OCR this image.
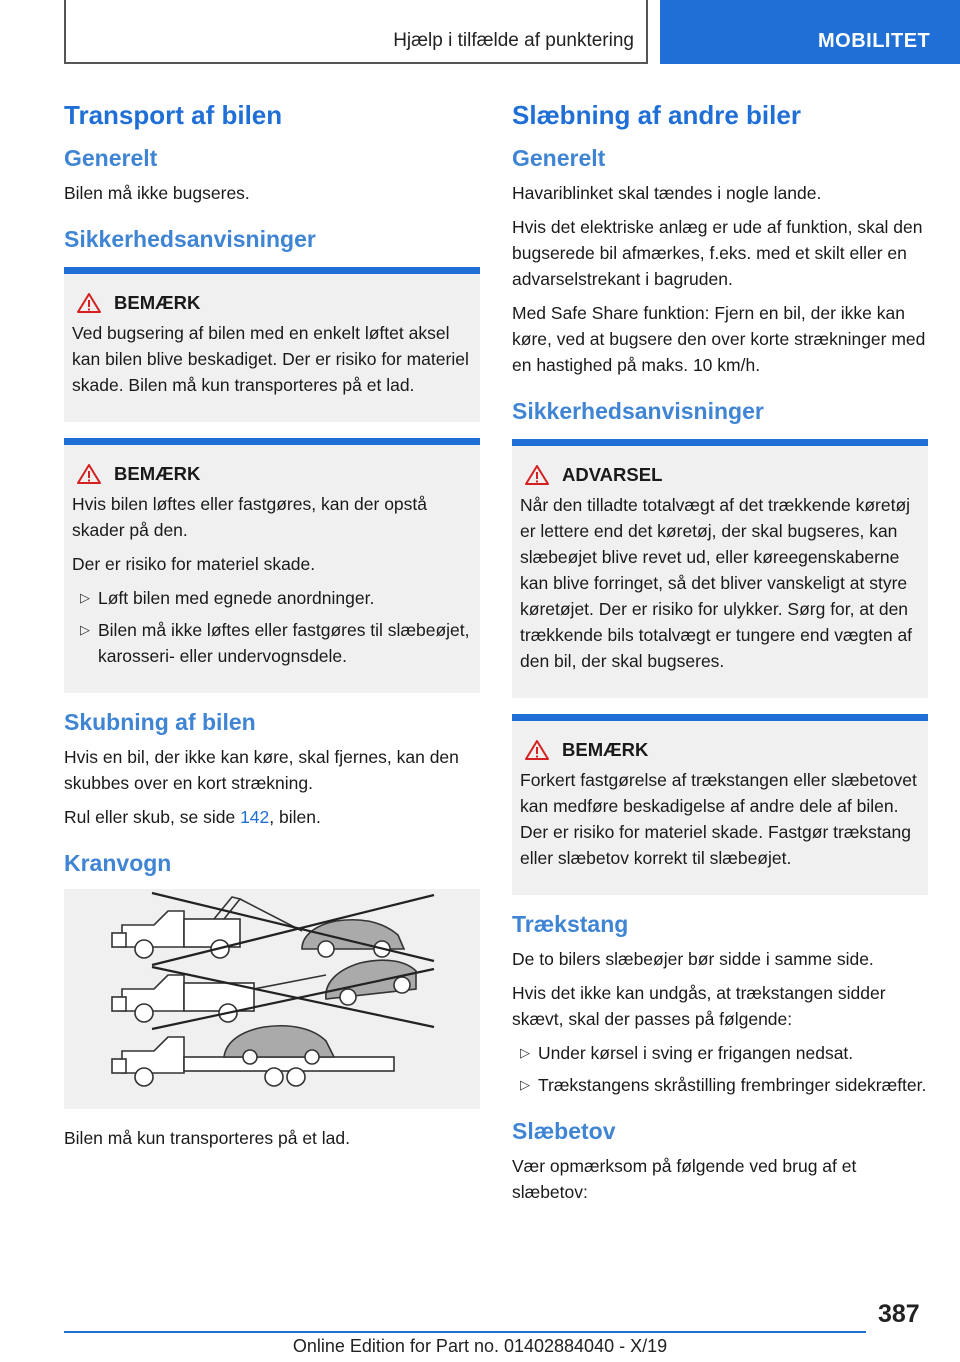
Hjælp i tilfælde af punktering	MOBILITET
Transport af bilen
Generelt

Bilen må ikke bugseres.

Sikkerhedsanvisninger
BEMÆRK

Ved bugsering af bilen med en enkelt løftet aksel kan bilen blive beskadiget. Der er risiko for materiel skade. Bilen må kun transporteres på et lad.

BEMÆRK

Hvis bilen løftes eller fastgøres, kan der opstå skader på den.

Der er risiko for materiel skade.

▷ Løft bilen med egnede anordninger.
▷ Bilen må ikke løftes eller fastgøres til slæbeøjet, karosseri- eller undervognsdele.
Skubning af bilen

Hvis en bil, der ikke kan køre, skal fjernes, kan den skubbes over en kort strækning.

Rul eller skub, se side 142, bilen.

Kranvogn

Bilen må kun transporteres på et lad.

Slæbning af andre biler
Generelt

Havariblinket skal tændes i nogle lande.

Hvis det elektriske anlæg er ude af funktion, skal den bugserede bil afmærkes, f.eks. med et skilt eller en advarselstrekant i bagruden.

Med Safe Share funktion: Fjern en bil, der ikke kan køre, ved at bugsere den over korte strækninger med en hastighed på maks. 10 km/h.

Sikkerhedsanvisninger
ADVARSEL

Når den tilladte totalvægt af det trækkende køretøj er lettere end det køretøj, der skal bugseres, kan slæbeøjet blive revet ud, eller køreegenskaberne kan blive forringet, så det bliver vanskeligt at styre køretøjet. Der er risiko for ulykker. Sørg for, at den trækkende bils totalvægt er tungere end vægten af den bil, der skal bugseres.

BEMÆRK

Forkert fastgørelse af trækstangen eller slæbetovet kan medføre beskadigelse af andre dele af bilen. Der er risiko for materiel skade. Fastgør trækstang eller slæbetov korrekt til slæbeøjet.

Trækstang

De to bilers slæbeøjer bør sidde i samme side.

Hvis det ikke kan undgås, at trækstangen sidder skævt, skal der passes på følgende:

▷ Under kørsel i sving er frigangen nedsat.
▷ Trækstangens skråstilling frembringer sidekræfter.
Slæbetov

Vær opmærksom på følgende ved brug af et slæbetov:

387
Online Edition for Part no. 01402884040 - X/19
